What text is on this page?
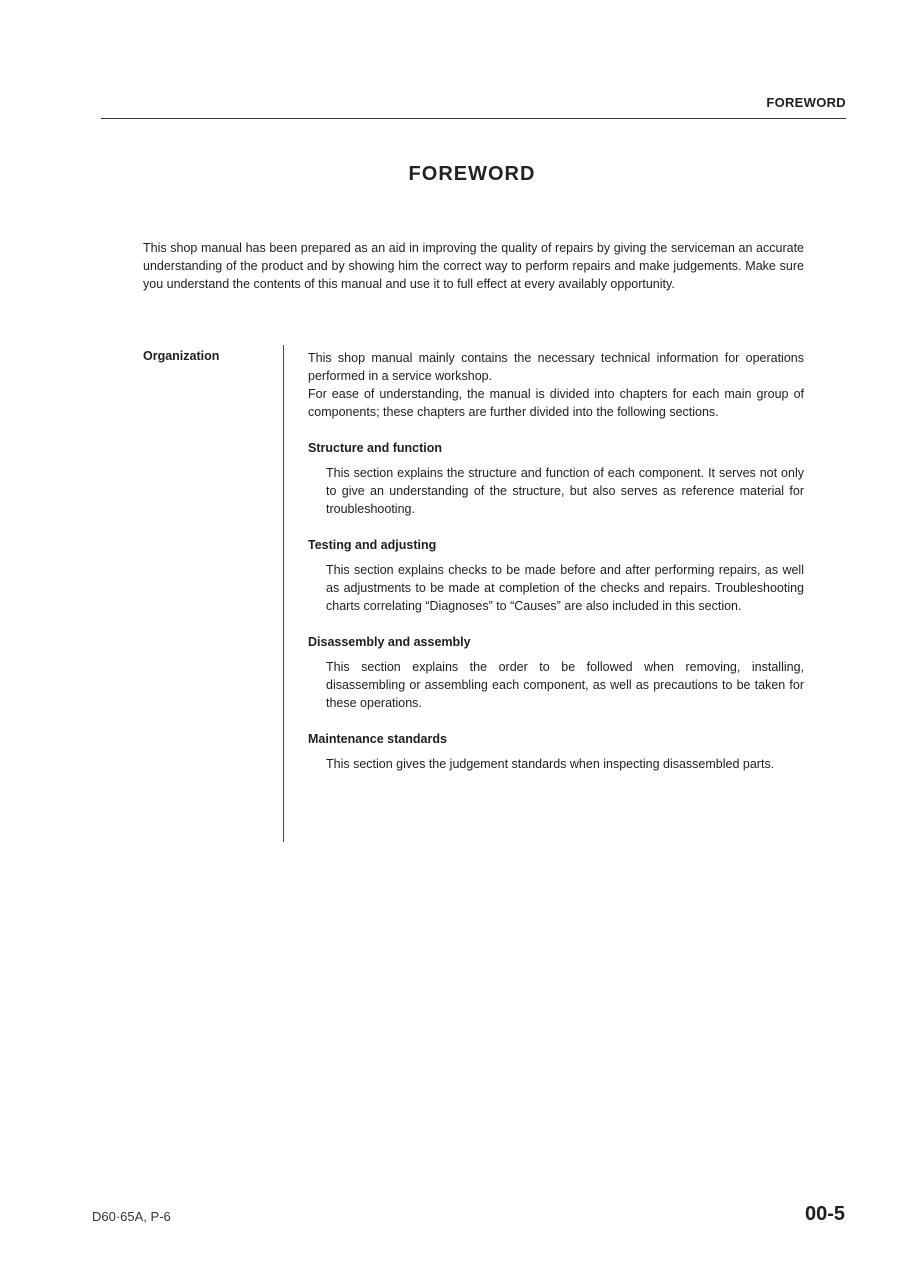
FOREWORD
FOREWORD
This shop manual has been prepared as an aid in improving the quality of repairs by giving the serviceman an accurate understanding of the product and by showing him the correct way to perform repairs and make judgements. Make sure you understand the contents of this manual and use it to full effect at every availably opportunity.
Organization	This shop manual mainly contains the necessary technical information for operations performed in a service workshop.

For ease of understanding, the manual is divided into chapters for each main group of components; these chapters are further divided into the following sections.

Structure and function
This section explains the structure and function of each component. It serves not only to give an understanding of the structure, but also serves as reference material for troubleshooting.
Testing and adjusting
This section explains checks to be made before and after performing repairs, as well as adjustments to be made at completion of the checks and repairs. Troubleshooting charts correlating “Diagnoses” to “Causes” are also included in this section.
Disassembly and assembly
This section explains the order to be followed when removing, installing, disassembling or assembling each component, as well as precautions to be taken for these operations.
Maintenance standards
This section gives the judgement standards when inspecting disassembled parts.
D60·65A, P-6	00-5
